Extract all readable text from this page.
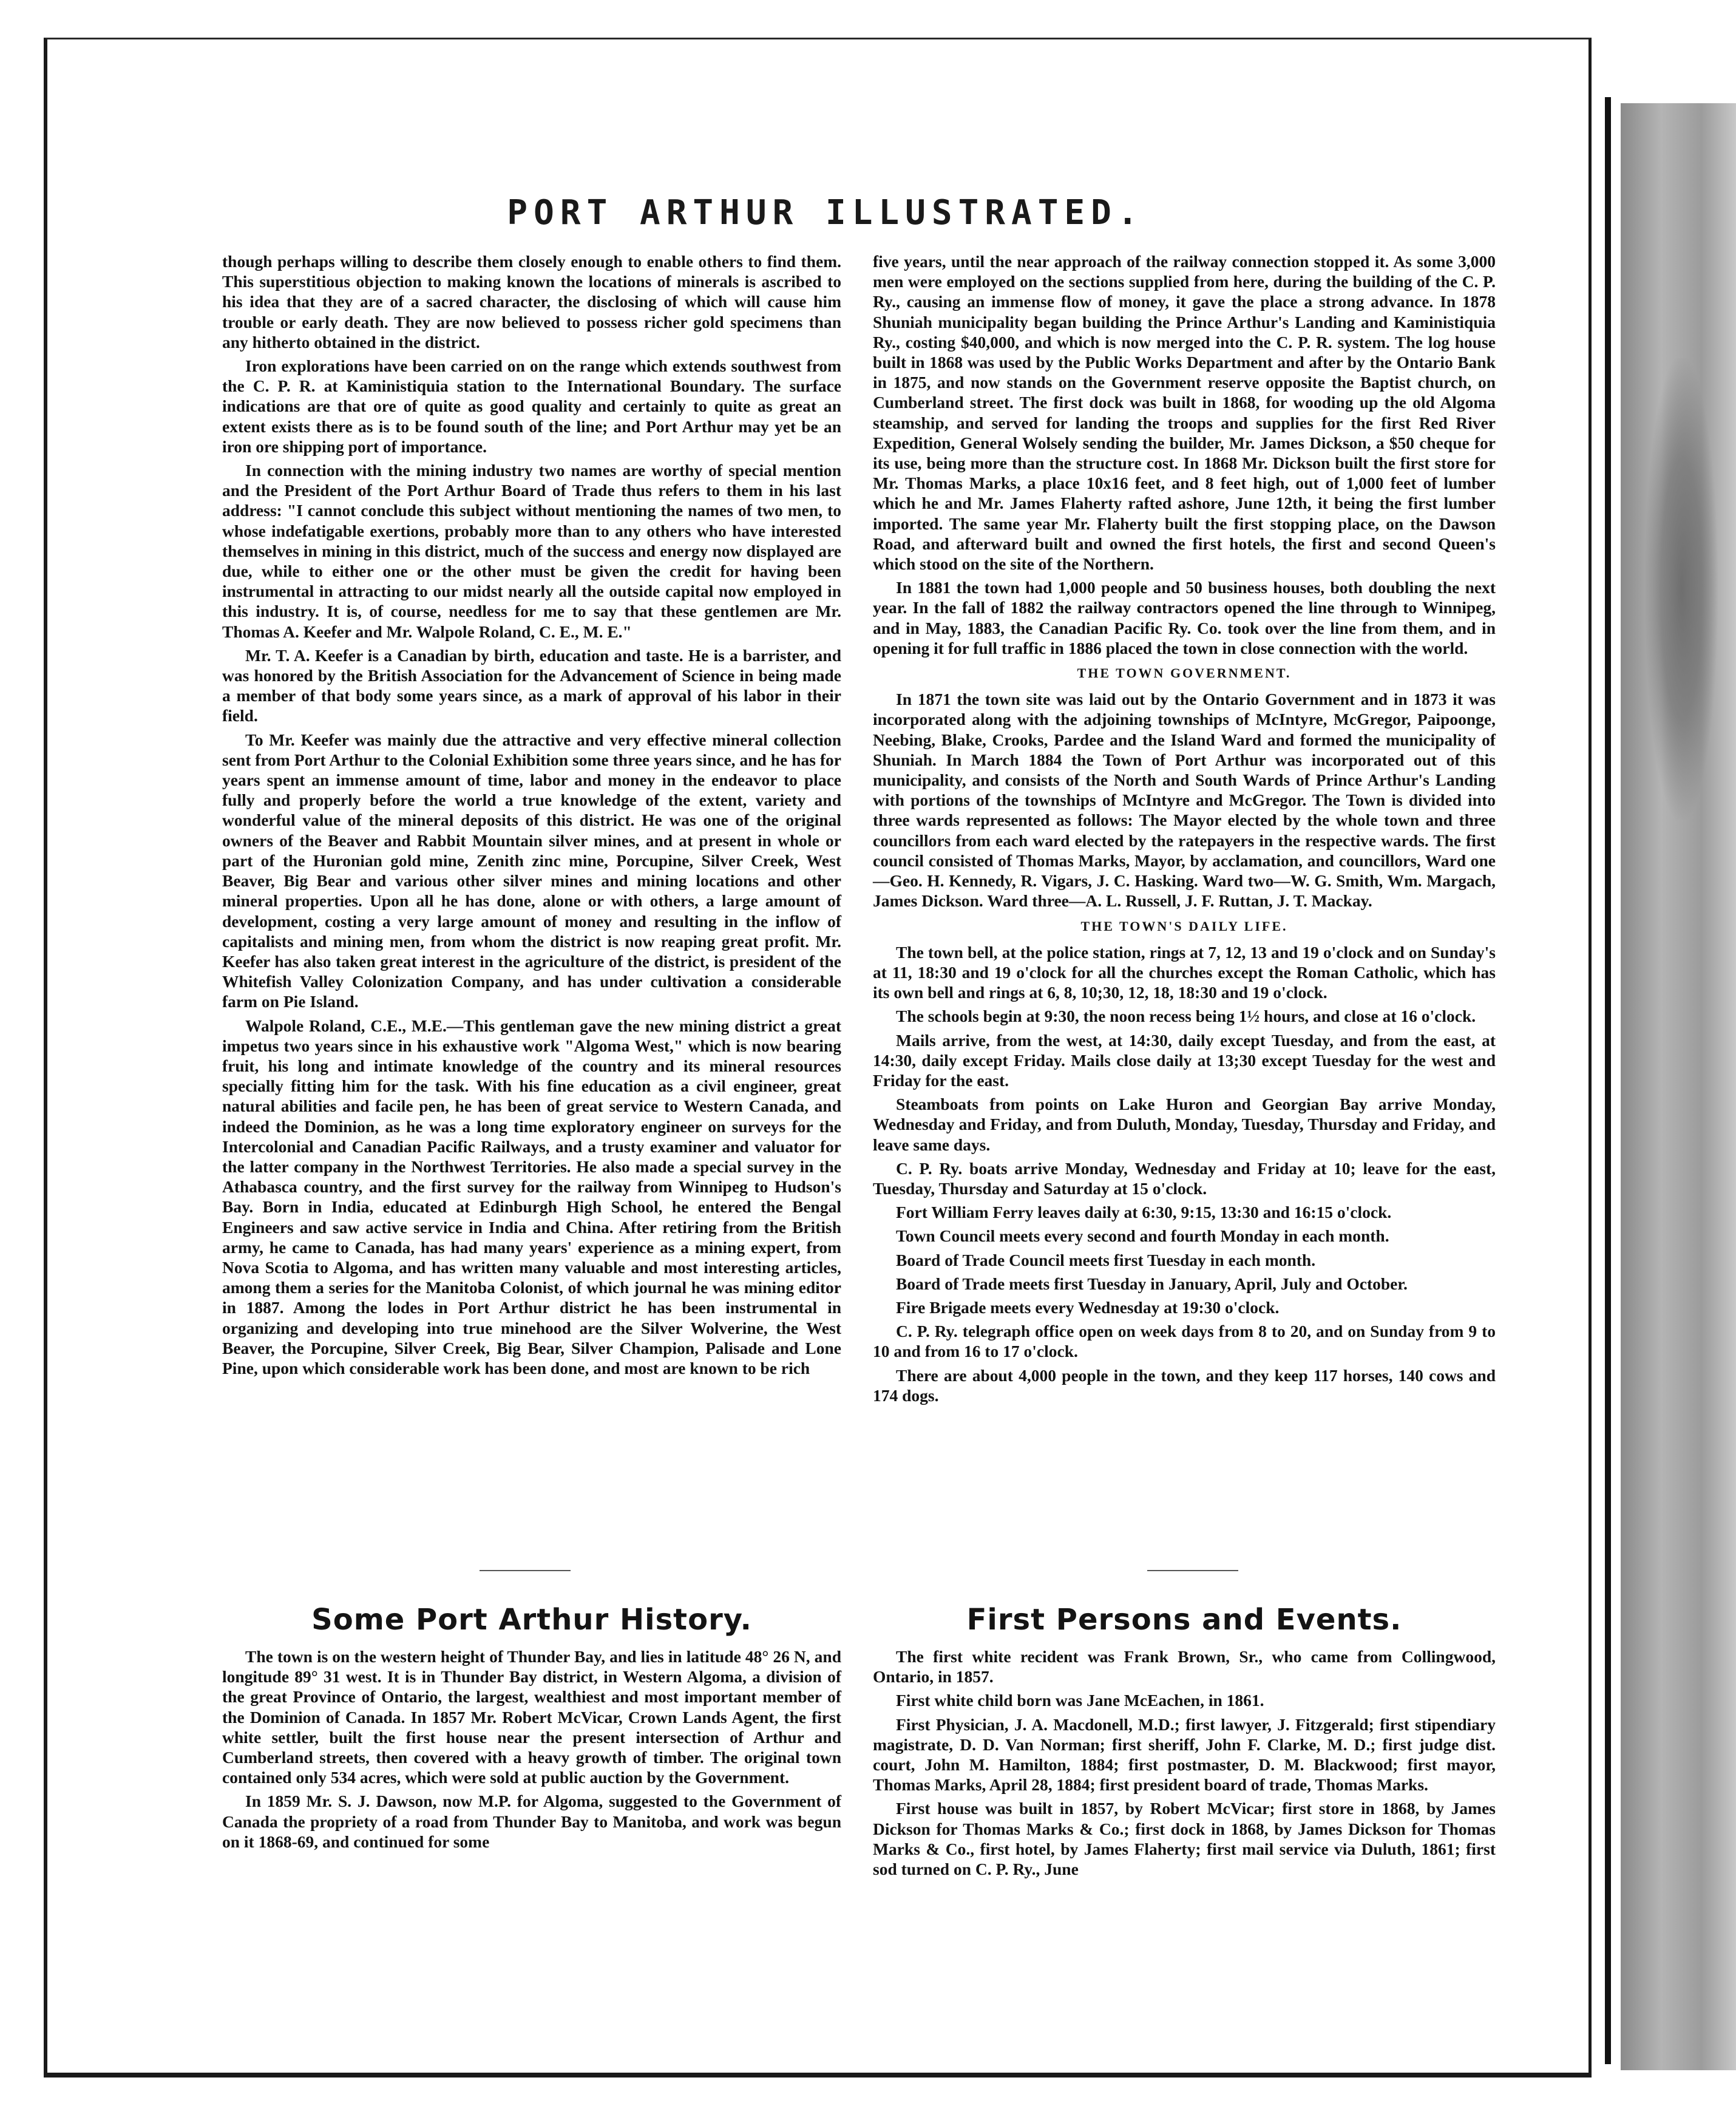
PORT ARTHUR ILLUSTRATED.

though perhaps willing to describe them closely enough to enable others to find them. This superstitious objection to making known the locations of minerals is ascribed to his idea that they are of a sacred character, the disclosing of which will cause him trouble or early death. They are now believed to possess richer gold specimens than any hitherto obtained in the district.

Iron explorations have been carried on on the range which extends southwest from the C. P. R. at Kaministiquia station to the International Boundary. The surface indications are that ore of quite as good quality and certainly to quite as great an extent exists there as is to be found south of the line; and Port Arthur may yet be an iron ore shipping port of importance.

In connection with the mining industry two names are worthy of special mention and the President of the Port Arthur Board of Trade thus refers to them in his last address: "I cannot conclude this subject without mentioning the names of two men, to whose indefatigable exertions, probably more than to any others who have interested themselves in mining in this district, much of the success and energy now displayed are due, while to either one or the other must be given the credit for having been instrumental in attracting to our midst nearly all the outside capital now employed in this industry. It is, of course, needless for me to say that these gentlemen are Mr. Thomas A. Keefer and Mr. Walpole Roland, C. E., M. E."

Mr. T. A. Keefer is a Canadian by birth, education and taste. He is a barrister, and was honored by the British Association for the Advancement of Science in being made a member of that body some years since, as a mark of approval of his labor in their field.

To Mr. Keefer was mainly due the attractive and very effective mineral collection sent from Port Arthur to the Colonial Exhibition some three years since, and he has for years spent an immense amount of time, labor and money in the endeavor to place fully and properly before the world a true knowledge of the extent, variety and wonderful value of the mineral deposits of this district. He was one of the original owners of the Beaver and Rabbit Mountain silver mines, and at present in whole or part of the Huronian gold mine, Zenith zinc mine, Porcupine, Silver Creek, West Beaver, Big Bear and various other silver mines and mining locations and other mineral properties. Upon all he has done, alone or with others, a large amount of development, costing a very large amount of money and resulting in the inflow of capitalists and mining men, from whom the district is now reaping great profit. Mr. Keefer has also taken great interest in the agriculture of the district, is president of the Whitefish Valley Colonization Company, and has under cultivation a considerable farm on Pie Island.

Walpole Roland, C.E., M.E.—This gentleman gave the new mining district a great impetus two years since in his exhaustive work "Algoma West," which is now bearing fruit, his long and intimate knowledge of the country and its mineral resources specially fitting him for the task. With his fine education as a civil engineer, great natural abilities and facile pen, he has been of great service to Western Canada, and indeed the Dominion, as he was a long time exploratory engineer on surveys for the Intercolonial and Canadian Pacific Railways, and a trusty examiner and valuator for the latter company in the Northwest Territories. He also made a special survey in the Athabasca country, and the first survey for the railway from Winnipeg to Hudson's Bay. Born in India, educated at Edinburgh High School, he entered the Bengal Engineers and saw active service in India and China. After retiring from the British army, he came to Canada, has had many years' experience as a mining expert, from Nova Scotia to Algoma, and has written many valuable and most interesting articles, among them a series for the Manitoba Colonist, of which journal he was mining editor in 1887. Among the lodes in Port Arthur district he has been instrumental in organizing and developing into true minehood are the Silver Wolverine, the West Beaver, the Porcupine, Silver Creek, Big Bear, Silver Champion, Palisade and Lone Pine, upon which considerable work has been done, and most are known to be rich

five years, until the near approach of the railway connection stopped it. As some 3,000 men were employed on the sections supplied from here, during the building of the C. P. Ry., causing an immense flow of money, it gave the place a strong advance. In 1878 Shuniah municipality began building the Prince Arthur's Landing and Kaministiquia Ry., costing $40,000, and which is now merged into the C. P. R. system. The log house built in 1868 was used by the Public Works Department and after by the Ontario Bank in 1875, and now stands on the Government reserve opposite the Baptist church, on Cumberland street. The first dock was built in 1868, for wooding up the old Algoma steamship, and served for landing the troops and supplies for the first Red River Expedition, General Wolsely sending the builder, Mr. James Dickson, a $50 cheque for its use, being more than the structure cost. In 1868 Mr. Dickson built the first store for Mr. Thomas Marks, a place 10x16 feet, and 8 feet high, out of 1,000 feet of lumber which he and Mr. James Flaherty rafted ashore, June 12th, it being the first lumber imported. The same year Mr. Flaherty built the first stopping place, on the Dawson Road, and afterward built and owned the first hotels, the first and second Queen's which stood on the site of the Northern.

In 1881 the town had 1,000 people and 50 business houses, both doubling the next year. In the fall of 1882 the railway contractors opened the line through to Winnipeg, and in May, 1883, the Canadian Pacific Ry. Co. took over the line from them, and in opening it for full traffic in 1886 placed the town in close connection with the world.

THE TOWN GOVERNMENT.

In 1871 the town site was laid out by the Ontario Government and in 1873 it was incorporated along with the adjoining townships of McIntyre, McGregor, Paipoonge, Neebing, Blake, Crooks, Pardee and the Island Ward and formed the municipality of Shuniah. In March 1884 the Town of Port Arthur was incorporated out of this municipality, and consists of the North and South Wards of Prince Arthur's Landing with portions of the townships of McIntyre and McGregor. The Town is divided into three wards represented as follows: The Mayor elected by the whole town and three councillors from each ward elected by the ratepayers in the respective wards. The first council consisted of Thomas Marks, Mayor, by acclamation, and councillors, Ward one—Geo. H. Kennedy, R. Vigars, J. C. Hasking. Ward two—W. G. Smith, Wm. Margach, James Dickson. Ward three—A. L. Russell, J. F. Ruttan, J. T. Mackay.

THE TOWN'S DAILY LIFE.

The town bell, at the police station, rings at 7, 12, 13 and 19 o'clock and on Sunday's at 11, 18:30 and 19 o'clock for all the churches except the Roman Catholic, which has its own bell and rings at 6, 8, 10;30, 12, 18, 18:30 and 19 o'clock.

The schools begin at 9:30, the noon recess being 1½ hours, and close at 16 o'clock.

Mails arrive, from the west, at 14:30, daily except Tuesday, and from the east, at 14:30, daily except Friday. Mails close daily at 13;30 except Tuesday for the west and Friday for the east.

Steamboats from points on Lake Huron and Georgian Bay arrive Monday, Wednesday and Friday, and from Duluth, Monday, Tuesday, Thursday and Friday, and leave same days.

C. P. Ry. boats arrive Monday, Wednesday and Friday at 10; leave for the east, Tuesday, Thursday and Saturday at 15 o'clock.

Fort William Ferry leaves daily at 6:30, 9:15, 13:30 and 16:15 o'clock.

Town Council meets every second and fourth Monday in each month.

Board of Trade Council meets first Tuesday in each month.

Board of Trade meets first Tuesday in January, April, July and October.

Fire Brigade meets every Wednesday at 19:30 o'clock.

C. P. Ry. telegraph office open on week days from 8 to 20, and on Sunday from 9 to 10 and from 16 to 17 o'clock.

There are about 4,000 people in the town, and they keep 117 horses, 140 cows and 174 dogs.

Some Port Arthur History.	First Persons and Events.

The town is on the western height of Thunder Bay, and lies in latitude 48° 26 N, and longitude 89° 31 west. It is in Thunder Bay district, in Western Algoma, a division of the great Province of Ontario, the largest, wealthiest and most important member of the Dominion of Canada. In 1857 Mr. Robert McVicar, Crown Lands Agent, the first white settler, built the first house near the present intersection of Arthur and Cumberland streets, then covered with a heavy growth of timber. The original town contained only 534 acres, which were sold at public auction by the Government.

In 1859 Mr. S. J. Dawson, now M.P. for Algoma, suggested to the Government of Canada the propriety of a road from Thunder Bay to Manitoba, and work was begun on it 1868-69, and continued for some

The first white recident was Frank Brown, Sr., who came from Collingwood, Ontario, in 1857.

First white child born was Jane McEachen, in 1861.

First Physician, J. A. Macdonell, M.D.; first lawyer, J. Fitzgerald; first stipendiary magistrate, D. D. Van Norman; first sheriff, John F. Clarke, M. D.; first judge dist. court, John M. Hamilton, 1884; first postmaster, D. M. Blackwood; first mayor, Thomas Marks, April 28, 1884; first president board of trade, Thomas Marks.

First house was built in 1857, by Robert McVicar; first store in 1868, by James Dickson for Thomas Marks & Co.; first dock in 1868, by James Dickson for Thomas Marks & Co., first hotel, by James Flaherty; first mail service via Duluth, 1861; first sod turned on C. P. Ry., June
